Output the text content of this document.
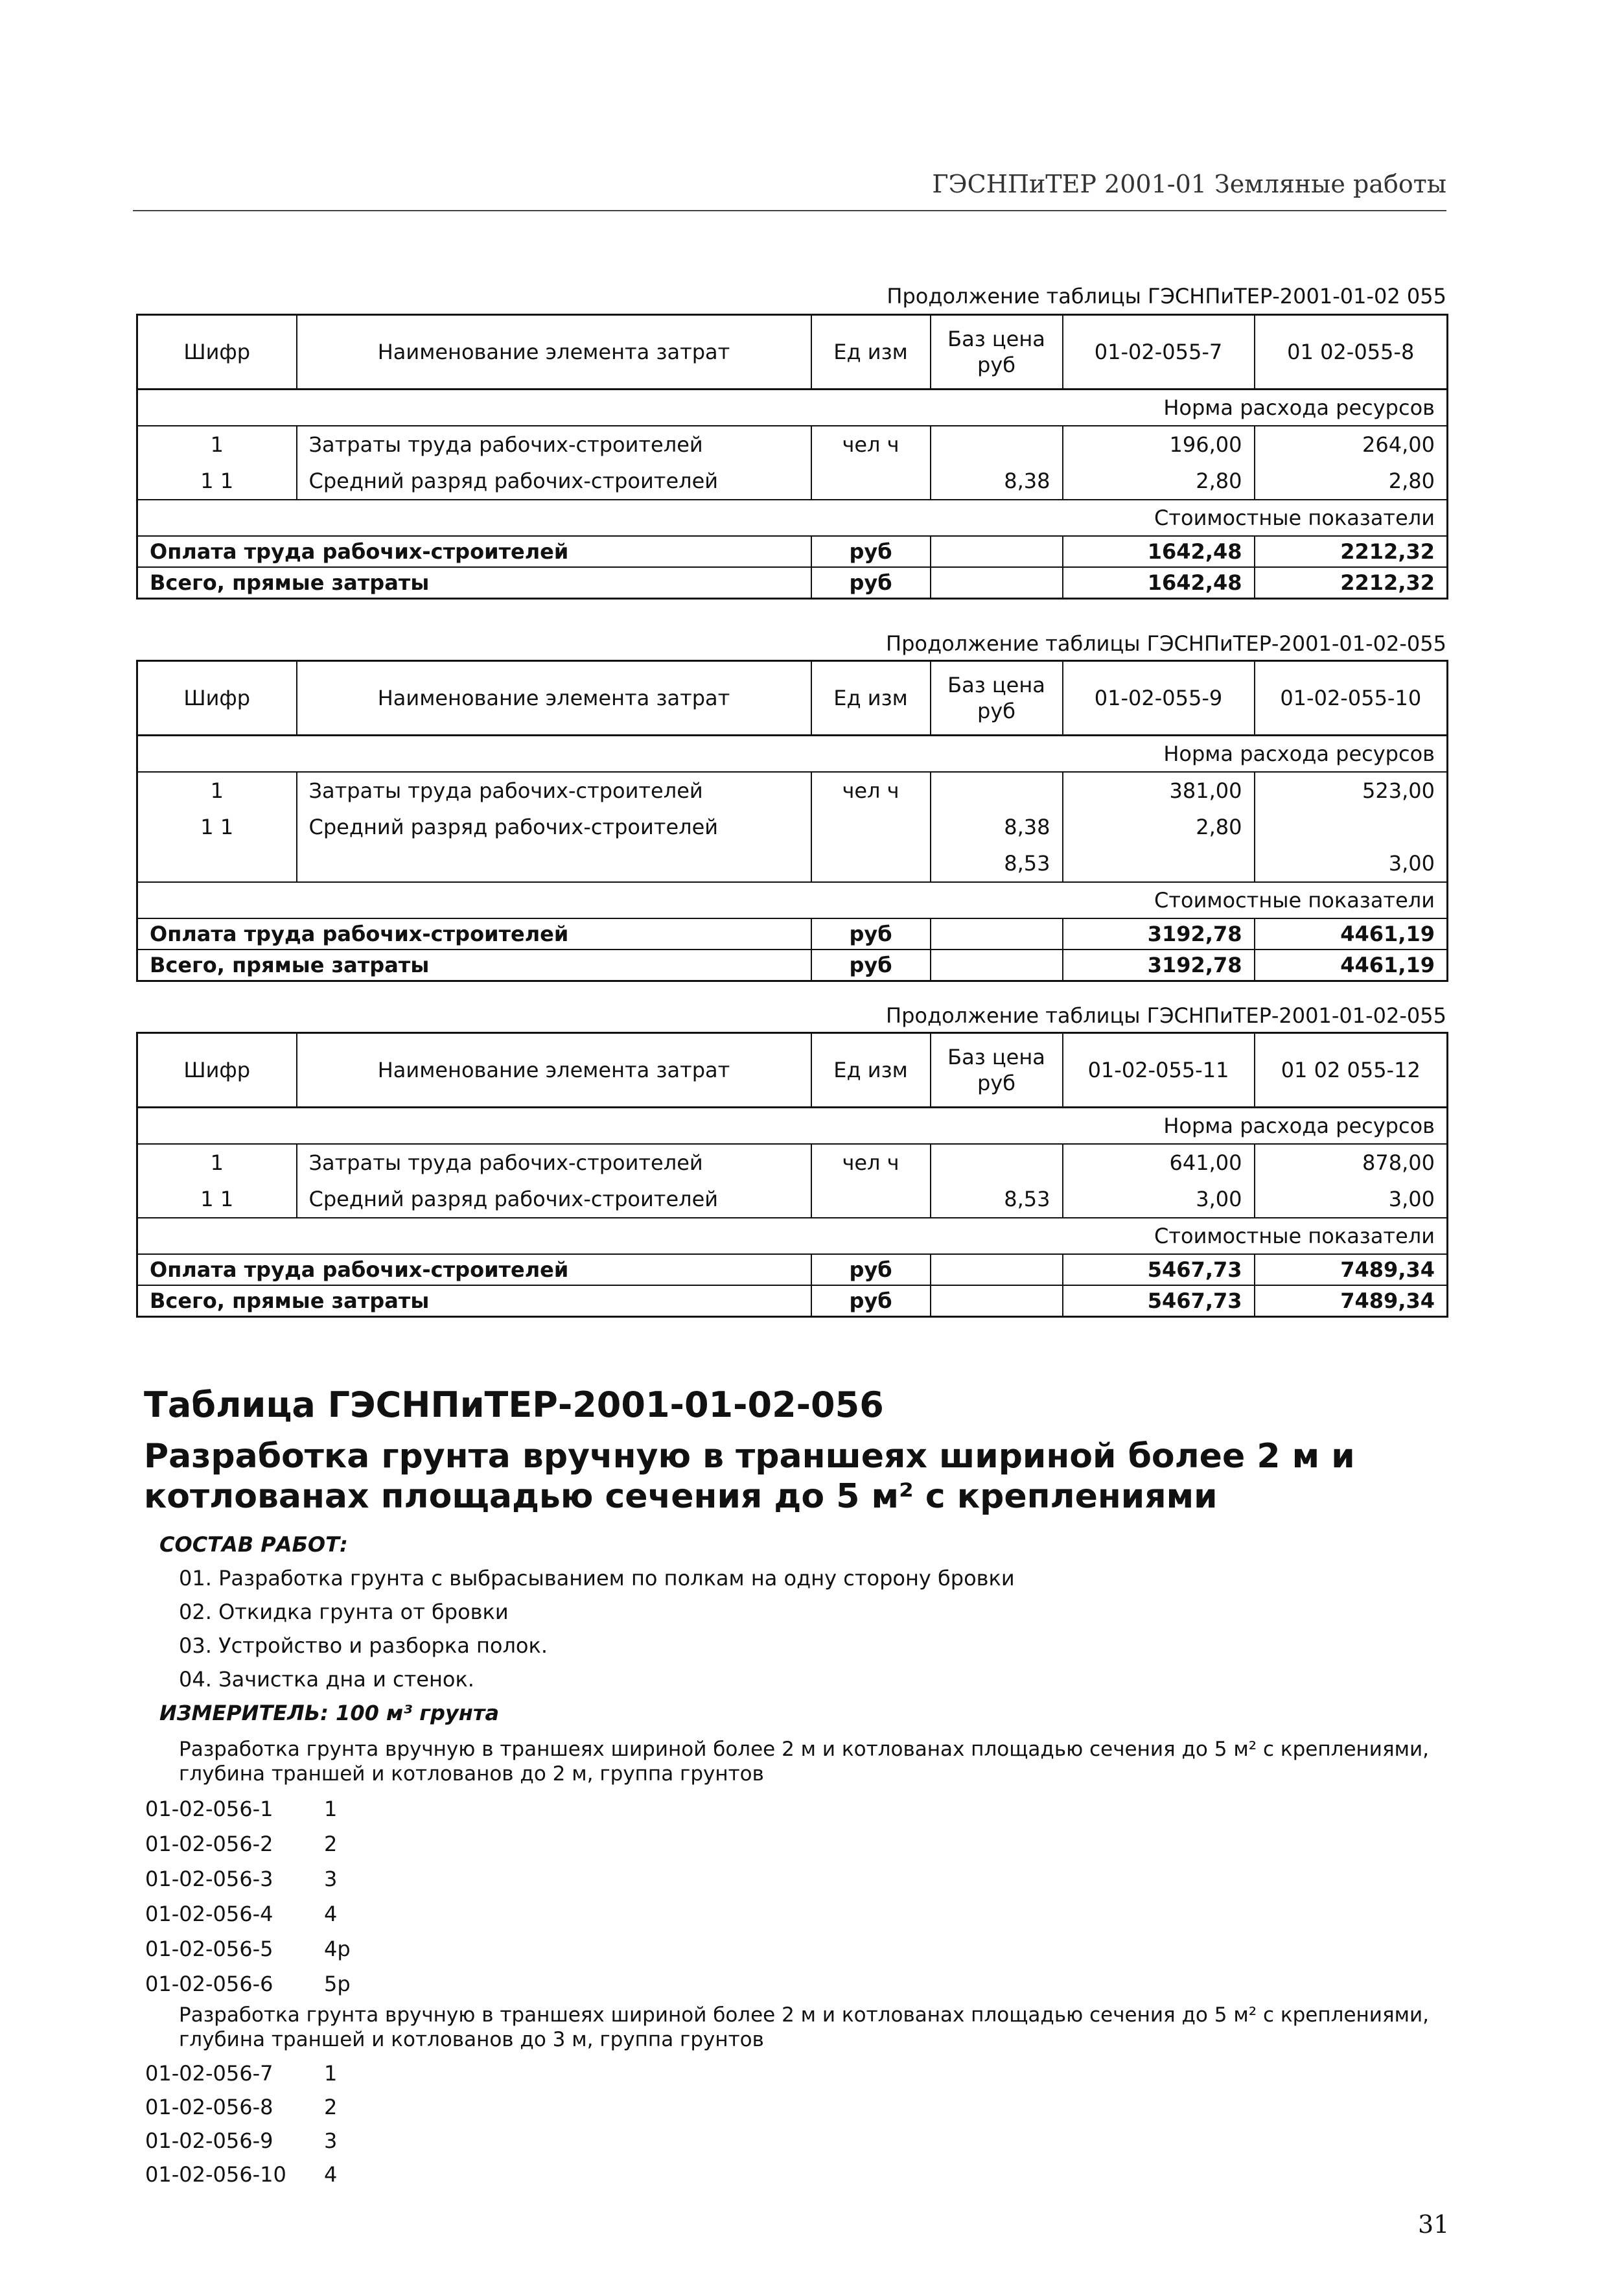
ГЭСНПиТЕР 2001-01 Земляные работы
Продолжение таблицы ГЭСНПиТЕР-2001-01-02 055
Шифр	Наименование элемента затрат	Ед изм	Баз цена руб	01-02-055-7	01 02-055-8
Норма расхода ресурсов					
1	Затраты труда рабочих-строителей	чел ч		196,00	264,00
1 1	Средний разряд рабочих-строителей		8,38	2,80	2,80
Стоимостные показатели					
Оплата труда рабочих-строителей		руб		1642,48	2212,32
Всего, прямые затраты		руб		1642,48	2212,32
Продолжение таблицы ГЭСНПиТЕР-2001-01-02-055
Шифр	Наименование элемента затрат	Ед изм	Баз цена руб	01-02-055-9	01-02-055-10
Норма расхода ресурсов					
1	Затраты труда рабочих-строителей	чел ч		381,00	523,00
1 1	Средний разряд рабочих-строителей		8,38	2,80	
			8,53		3,00
Стоимостные показатели					
Оплата труда рабочих-строителей		руб		3192,78	4461,19
Всего, прямые затраты		руб		3192,78	4461,19
Продолжение таблицы ГЭСНПиТЕР-2001-01-02-055
Шифр	Наименование элемента затрат	Ед изм	Баз цена руб	01-02-055-11	01 02 055-12
Норма расхода ресурсов					
1	Затраты труда рабочих-строителей	чел ч		641,00	878,00
1 1	Средний разряд рабочих-строителей		8,53	3,00	3,00
Стоимостные показатели					
Оплата труда рабочих-строителей		руб		5467,73	7489,34
Всего, прямые затраты		руб		5467,73	7489,34
Таблица ГЭСНПиТЕР-2001-01-02-056
Разработка грунта вручную в траншеях шириной более 2 м и
котлованах площадью сечения до 5 м² с креплениями
СОСТАВ РАБОТ:
01. Разработка грунта с выбрасыванием по полкам на одну сторону бровки
02. Откидка грунта от бровки
03. Устройство и разборка полок.
04. Зачистка дна и стенок.
ИЗМЕРИТЕЛЬ: 100 м³ грунта
Разработка грунта вручную в траншеях шириной более 2 м и котлованах площадью сечения до 5 м² с креплениями, глубина траншей и котлованов до 2 м, группа грунтов
01-02-056-1 1
01-02-056-2 2
01-02-056-3 3
01-02-056-4 4
01-02-056-5 4р
01-02-056-6 5р
Разработка грунта вручную в траншеях шириной более 2 м и котлованах площадью сечения до 5 м² с креплениями, глубина траншей и котлованов до 3 м, группа грунтов
01-02-056-7 1
01-02-056-8 2
01-02-056-9 3
01-02-056-10 4
31
